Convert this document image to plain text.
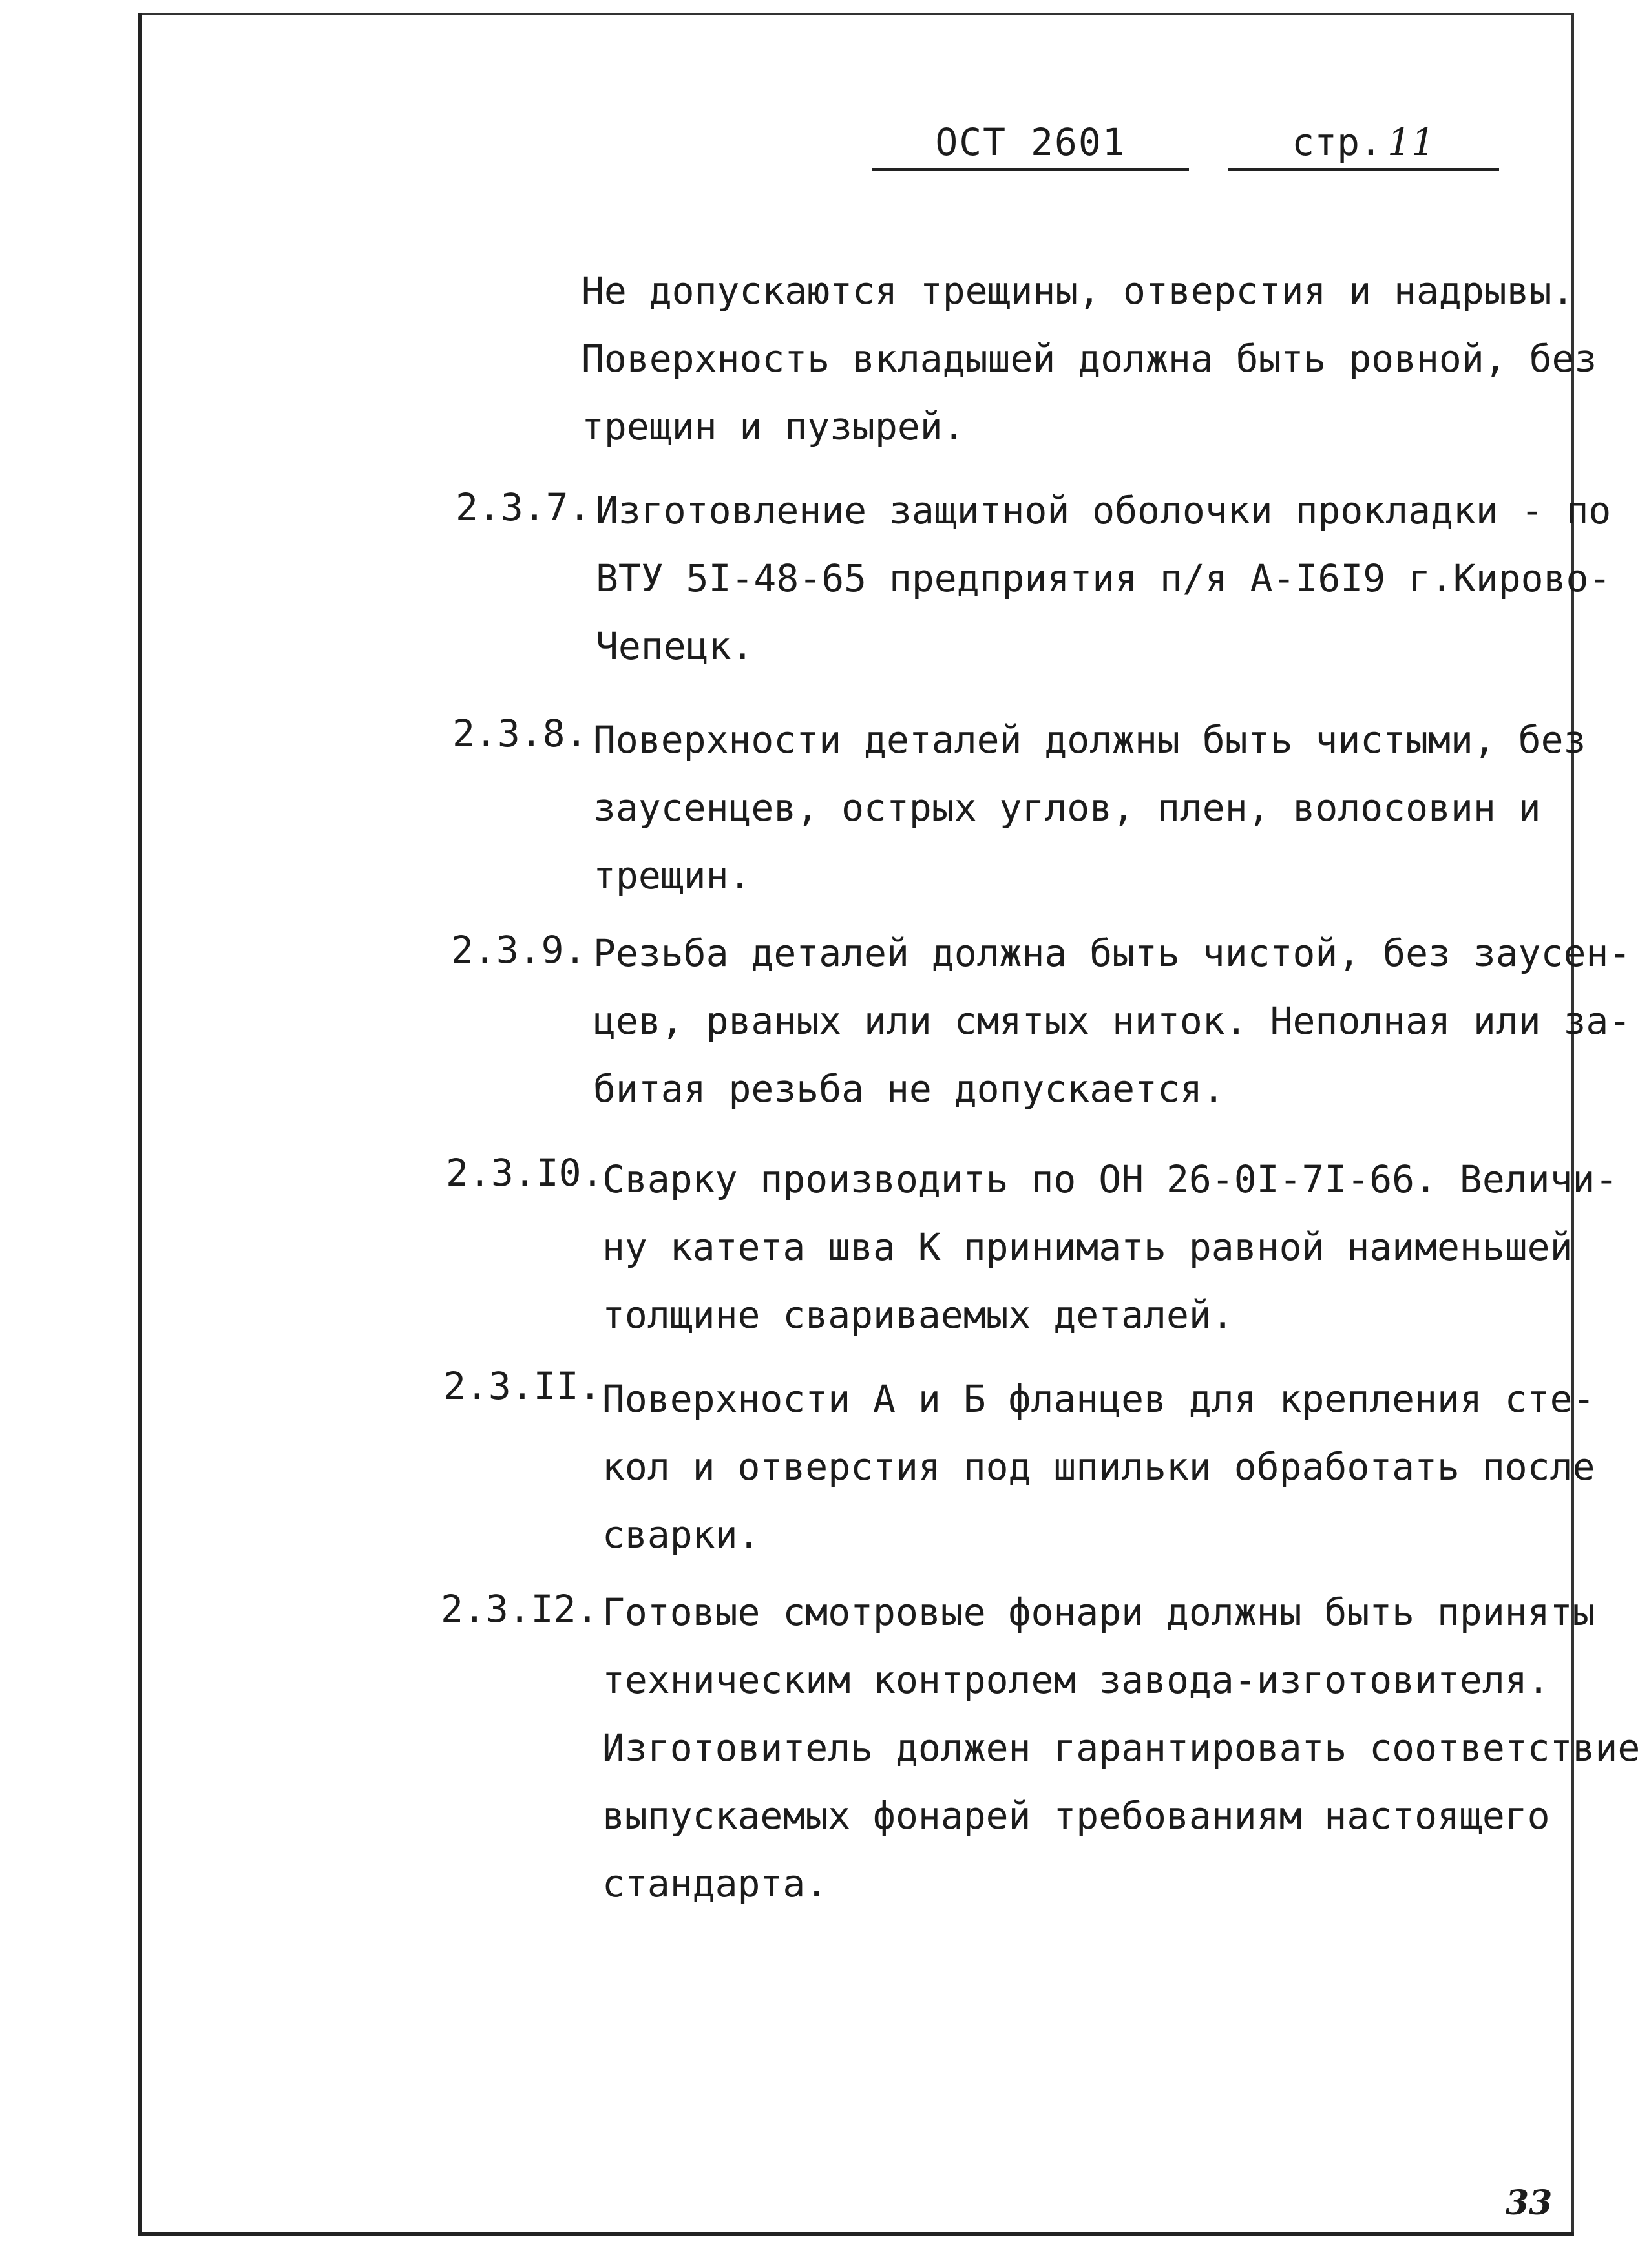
ОСТ 2601	стр. 11
Не допускаются трещины, отверстия и надрывы.
Поверхность вкладышей должна быть ровной, без
трещин и пузырей.
2.3.7. Изготовление защитной оболочки прокладки - по
ВТУ 5I-48-65 предприятия п/я А-I6I9 г.Кирово-
Чепецк.
2.3.8. Поверхности деталей должны быть чистыми, без
заусенцев, острых углов, плен, волосовин и
трещин.
2.3.9. Резьба деталей должна быть чистой, без заусен-
цев, рваных или смятых ниток. Неполная или за-
битая резьба не допускается.
2.3.I0.
Сварку производить по ОН 26-0I-7I-66. Величи-
ну катета шва К принимать равной наименьшей
толщине свариваемых деталей.
2.3.II. Поверхности А и Б фланцев для крепления сте-
кол и отверстия под шпильки обработать после
сварки.
2.3.I2. Готовые смотровые фонари должны быть приняты
техническим контролем завода-изготовителя.
Изготовитель должен гарантировать соответствие
выпускаемых фонарей требованиям настоящего
стандарта.
33
